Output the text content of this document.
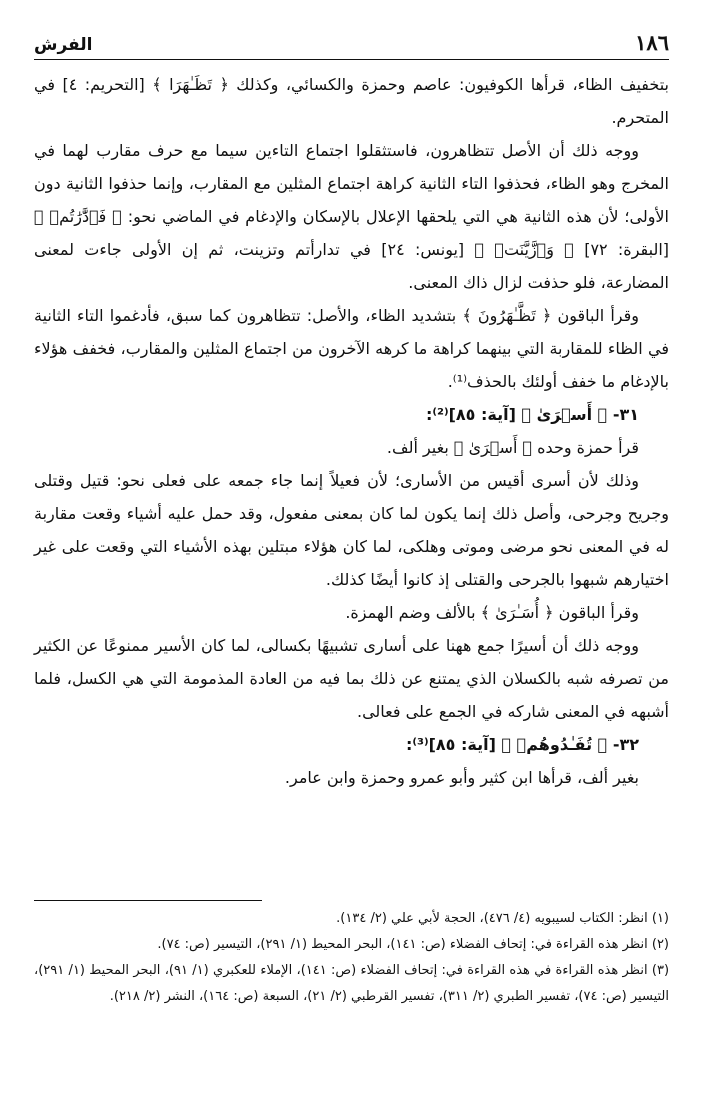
١٨٦
الفرش

بتخفيف الظاء، قرأها الكوفيون: عاصم وحمزة والكسائي، وكذلك ﴿ تَظَـٰهَرَا ﴾ [التحريم: ٤] في المتحرم.

ووجه ذلك أن الأصل تتظاهرون، فاستثقلوا اجتماع التاءين سيما مع حرف مقارب لهما في المخرج وهو الظاء، فحذفوا التاء الثانية كراهة اجتماع المثلين مع المقارب، وإنما حذفوا الثانية دون الأولى؛ لأن هذه الثانية هي التي يلحقها الإعلال بالإسكان والإدغام في الماضي نحو: ﴿ فَٱدَّٰرَٰتُمۡ ﴾ [البقرة: ٧٢] ﴿ وَٱزَّيَّنَتۡ ﴾ [يونس: ٢٤] في تدارأتم وتزينت، ثم إن الأولى جاءت لمعنى المضارعة، فلو حذفت لزال ذاك المعنى.

وقرأ الباقون ﴿ تَظَّـٰهَرُونَ ﴾ بتشديد الظاء، والأصل: تتظاهرون كما سبق، فأدغموا التاء الثانية في الظاء للمقاربة التي بينهما كراهة ما كرهه الآخرون من اجتماع المثلين والمقارب، فخفف هؤلاء بالإدغام ما خفف أولئك بالحذف⁽¹⁾.

٣١- ﴿ أَسۡرَىٰ ﴾ [آية: ٨٥]⁽²⁾:

قرأ حمزة وحده ﴿ أَسۡرَىٰ ﴾ بغير ألف.

وذلك لأن أسرى أقيس من الأسارى؛ لأن فعيلاً إنما جاء جمعه على فعلى نحو: قتيل وقتلى وجريح وجرحى، وأصل ذلك إنما يكون لما كان بمعنى مفعول، وقد حمل عليه أشياء وقعت مقاربة له في المعنى نحو مرضى وموتى وهلكى، لما كان هؤلاء مبتلين بهذه الأشياء التي وقعت على غير اختيارهم شبهوا بالجرحى والقتلى إذ كانوا أيضًا كذلك.

وقرأ الباقون ﴿ أُسَـٰرَىٰ ﴾ بالألف وضم الهمزة.

ووجه ذلك أن أسيرًا جمع ههنا على أسارى تشبيهًا بكسالى، لما كان الأسير ممنوعًا عن الكثير من تصرفه شبه بالكسلان الذي يمتنع عن ذلك بما فيه من العادة المذمومة التي هي الكسل، فلما أشبهه في المعنى شاركه في الجمع على فعالى.

٣٢- ﴿ تُفَـٰدُوهُمۡ ﴾ [آية: ٨٥]⁽³⁾:

بغير ألف، قرأها ابن كثير وأبو عمرو وحمزة وابن عامر.

(١) انظر: الكتاب لسيبويه (٤/ ٤٧٦)، الحجة لأبي علي (٢/ ١٣٤).

(٢) انظر هذه القراءة في: إتحاف الفضلاء (ص: ١٤١)، البحر المحيط (١/ ٢٩١)، التيسير (ص: ٧٤).

(٣) انظر هذه القراءة في هذه القراءة في: إتحاف الفضلاء (ص: ١٤١)، الإملاء للعكبري (١/ ٩١)، البحر المحيط (١/ ٢٩١)، التيسير (ص: ٧٤)، تفسير الطبري (٢/ ٣١١)، تفسير القرطبي (٢/ ٢١)، السبعة (ص: ١٦٤)، النشر (٢/ ٢١٨).
